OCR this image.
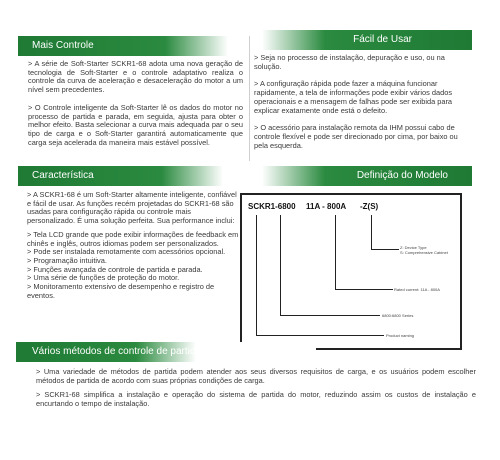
Mais Controle

> A série de Soft-Starter SCKR1-68 adota uma nova geração de tecnologia de Soft-Starter e o controle adaptativo realiza o controle da curva de aceleração e desaceleração do motor a um nível sem precedentes.

> O Controle inteligente da Soft-Starter lê os dados do motor no processo de partida e parada, em seguida, ajusta para obter o melhor efeito. Basta selecionar a curva mais adequada par o seu tipo de carga e o Soft-Starter garantirá automaticamente que carga seja acelerada da maneira mais estável possível.

Fácil de Usar

> Seja no processo de instalação, depuração e uso, ou na solução.

> A configuração rápida pode fazer a máquina funcionar rapidamente, a tela de informações pode exibir vários dados operacionais e a mensagem de falhas pode ser exibida para explicar exatamente onde está o defeito.

> O acessório para instalação remota da IHM possui cabo de controle flexível e pode ser direcionado por cima, por baixo ou pela esquerda.

Característica

> A SCKR1-68 é um Soft-Starter altamente inteligente, confiável e fácil de usar. As funções recém projetadas do SCKR1-68 são usadas para configuração rápida ou controle mais personalizado. É uma solução perfeita. Sua performance inclui:

> Tela LCD grande que pode exibir informações de feedback em chinês e inglês, outros idiomas podem ser personalizados.

> Pode ser instalada remotamente com acessórios opcional.

> Programação intuitiva.

> Funções avançada de controle de partida e parada.

> Uma série de funções de proteção do motor.

> Monitoramento extensivo de desempenho e registro de eventos.

Definição do Modelo
SCKR1-6800 11A - 800A -Z(S)
Z: Device Type
S: Comprehensive Cabinet
Rated current: 11A - 800A
6800:6800 Series
Product naming
Vários métodos de controle de partidas

> Uma variedade de métodos de partida podem atender aos seus diversos requisitos de carga, e os usuários podem escolher métodos de partida de acordo com suas próprias condições de carga.

> SCKR1-68 simplifica a instalação e operação do sistema de partida do motor, reduzindo assim os custos de instalação e encurtando o tempo de instalação.
